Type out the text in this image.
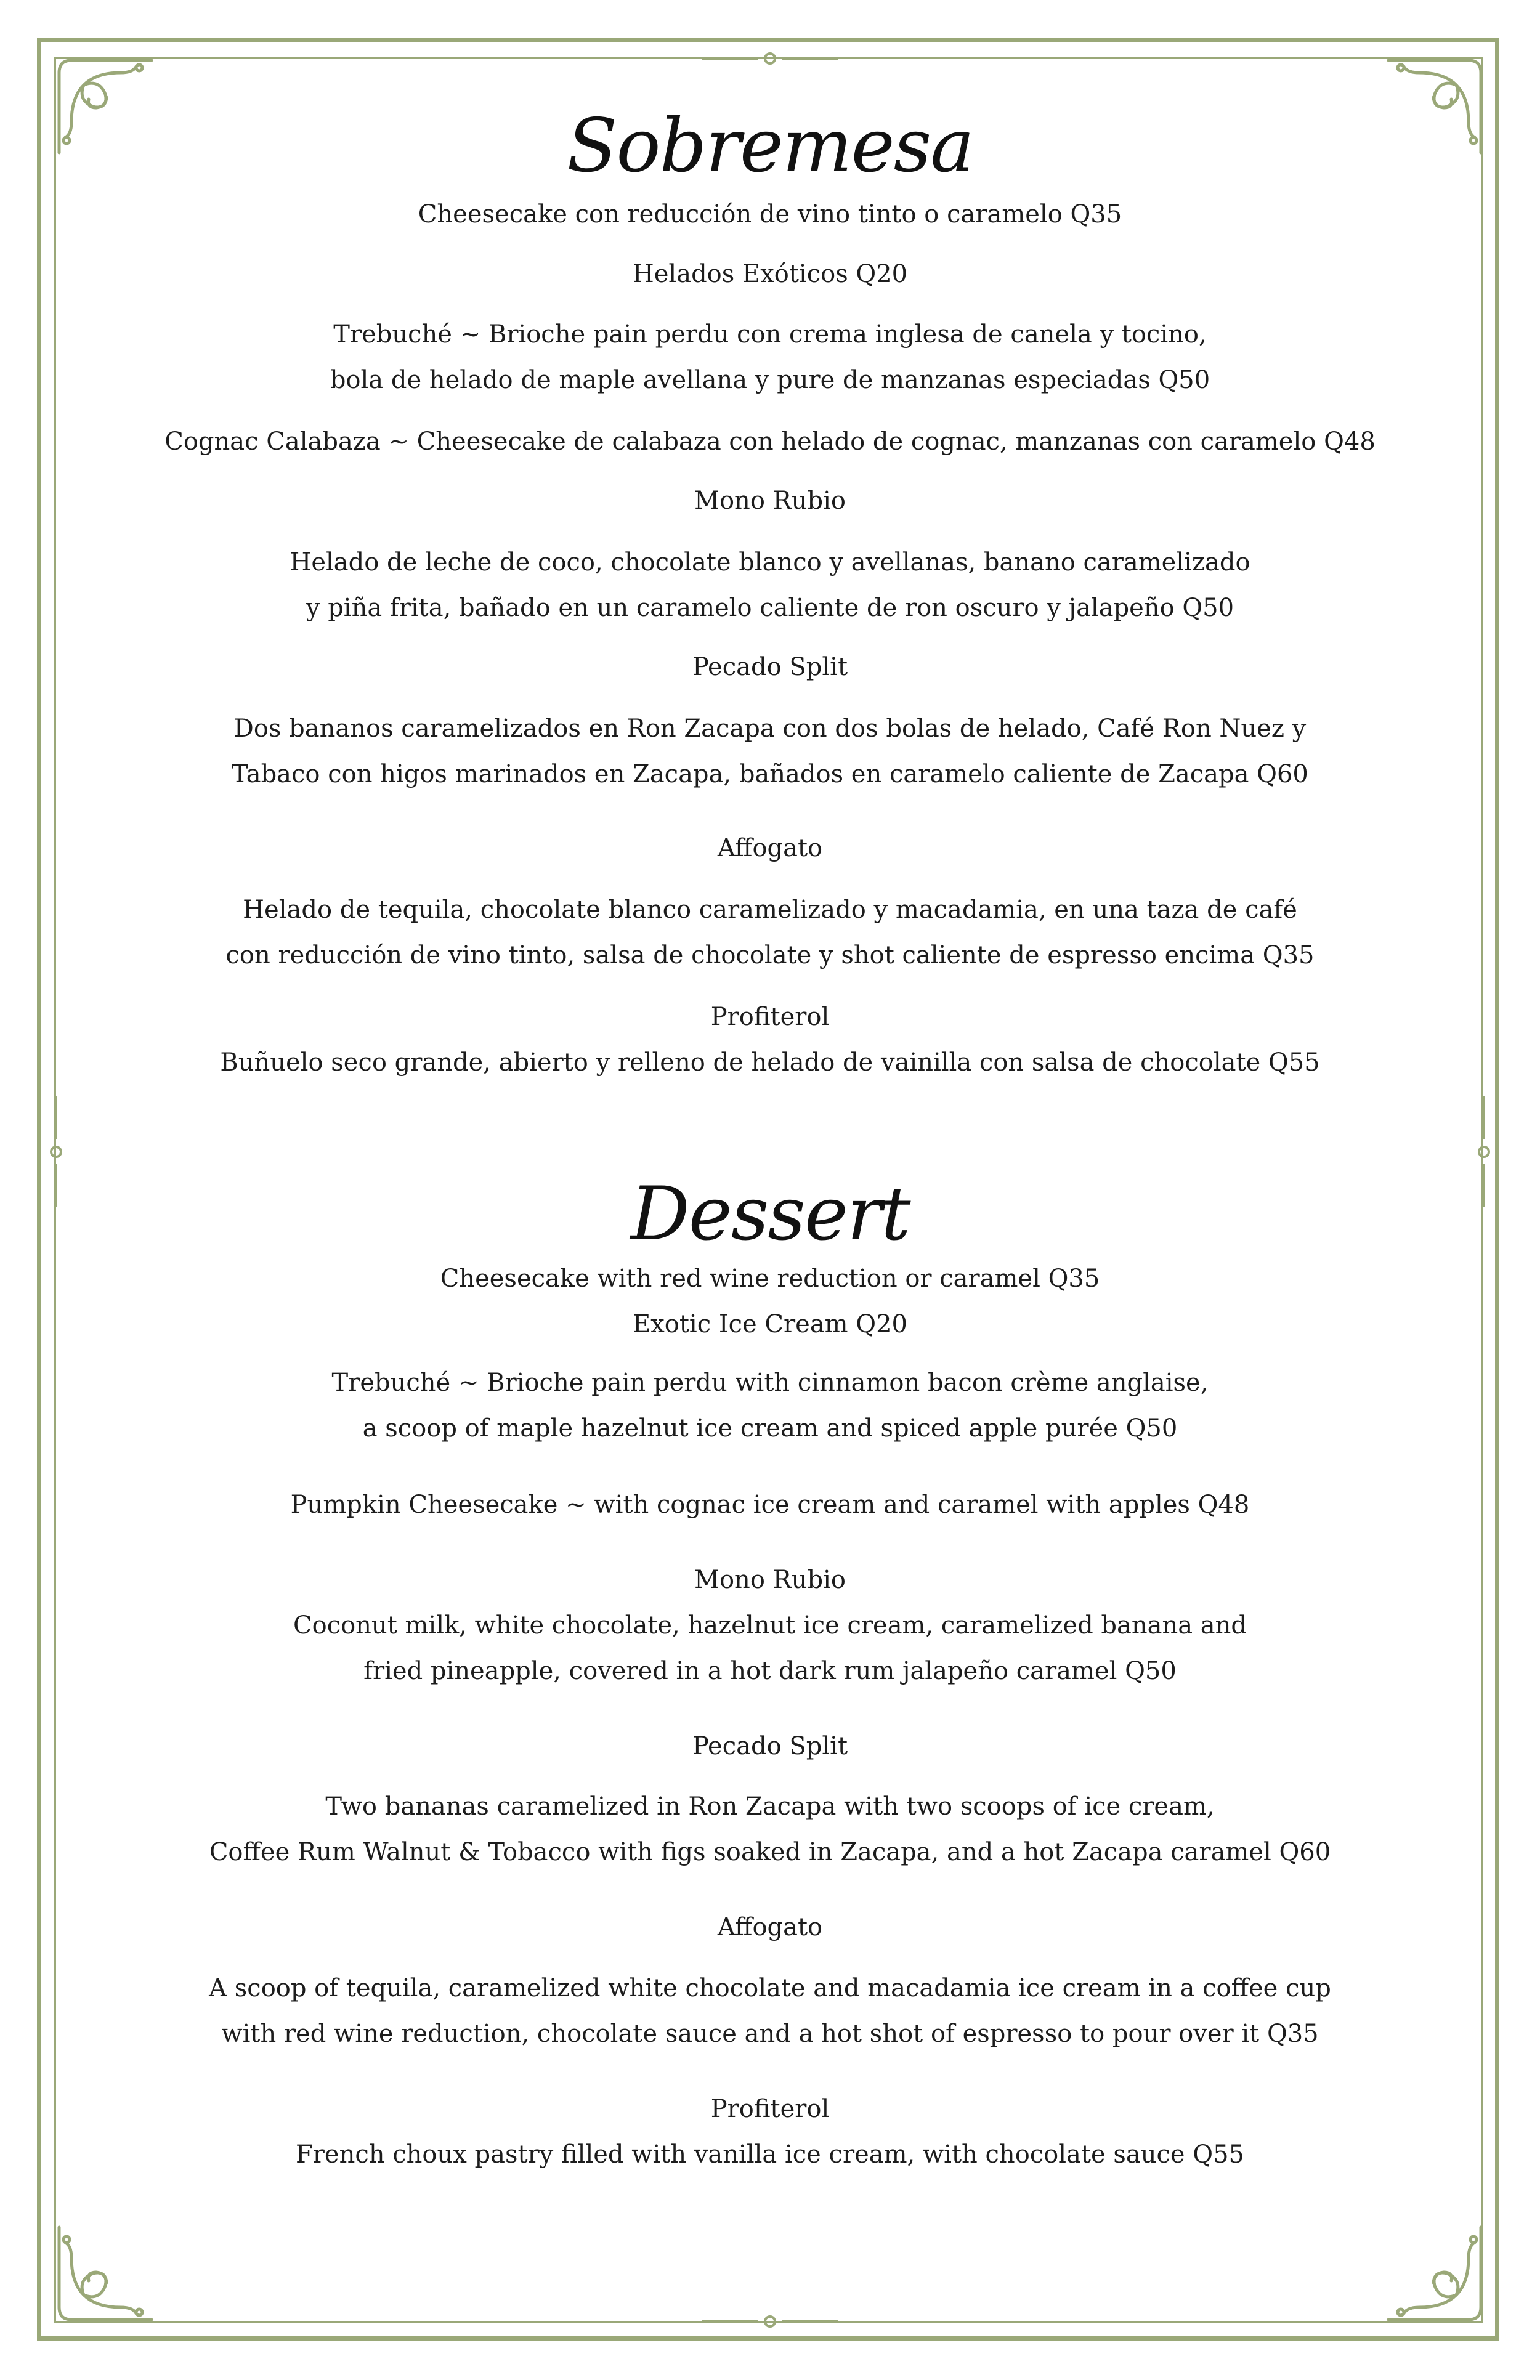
Sobremesa
Cheesecake con reducción de vino tinto o caramelo Q35
Helados Exóticos Q20
Trebuché ~ Brioche pain perdu con crema inglesa de canela y tocino,
bola de helado de maple avellana y pure de manzanas especiadas Q50
Cognac Calabaza ~ Cheesecake de calabaza con helado de cognac, manzanas con caramelo Q48
Mono Rubio
Helado de leche de coco, chocolate blanco y avellanas, banano caramelizado
y piña frita, bañado en un caramelo caliente de ron oscuro y jalapeño Q50
Pecado Split
Dos bananos caramelizados en Ron Zacapa con dos bolas de helado, Café Ron Nuez y
Tabaco con higos marinados en Zacapa, bañados en caramelo caliente de Zacapa Q60
Affogato
Helado de tequila, chocolate blanco caramelizado y macadamia, en una taza de café
con reducción de vino tinto, salsa de chocolate y shot caliente de espresso encima Q35
Profiterol
Buñuelo seco grande, abierto y relleno de helado de vainilla con salsa de chocolate Q55
Dessert
Cheesecake with red wine reduction or caramel Q35
Exotic Ice Cream Q20
Trebuché ~ Brioche pain perdu with cinnamon bacon crème anglaise,
a scoop of maple hazelnut ice cream and spiced apple purée Q50
Pumpkin Cheesecake ~ with cognac ice cream and caramel with apples Q48
Mono Rubio
Coconut milk, white chocolate, hazelnut ice cream, caramelized banana and
fried pineapple, covered in a hot dark rum jalapeño caramel Q50
Pecado Split
Two bananas caramelized in Ron Zacapa with two scoops of ice cream,
Coffee Rum Walnut & Tobacco with figs soaked in Zacapa, and a hot Zacapa caramel Q60
Affogato
A scoop of tequila, caramelized white chocolate and macadamia ice cream in a coffee cup
with red wine reduction, chocolate sauce and a hot shot of espresso to pour over it Q35
Profiterol
French choux pastry filled with vanilla ice cream, with chocolate sauce Q55
